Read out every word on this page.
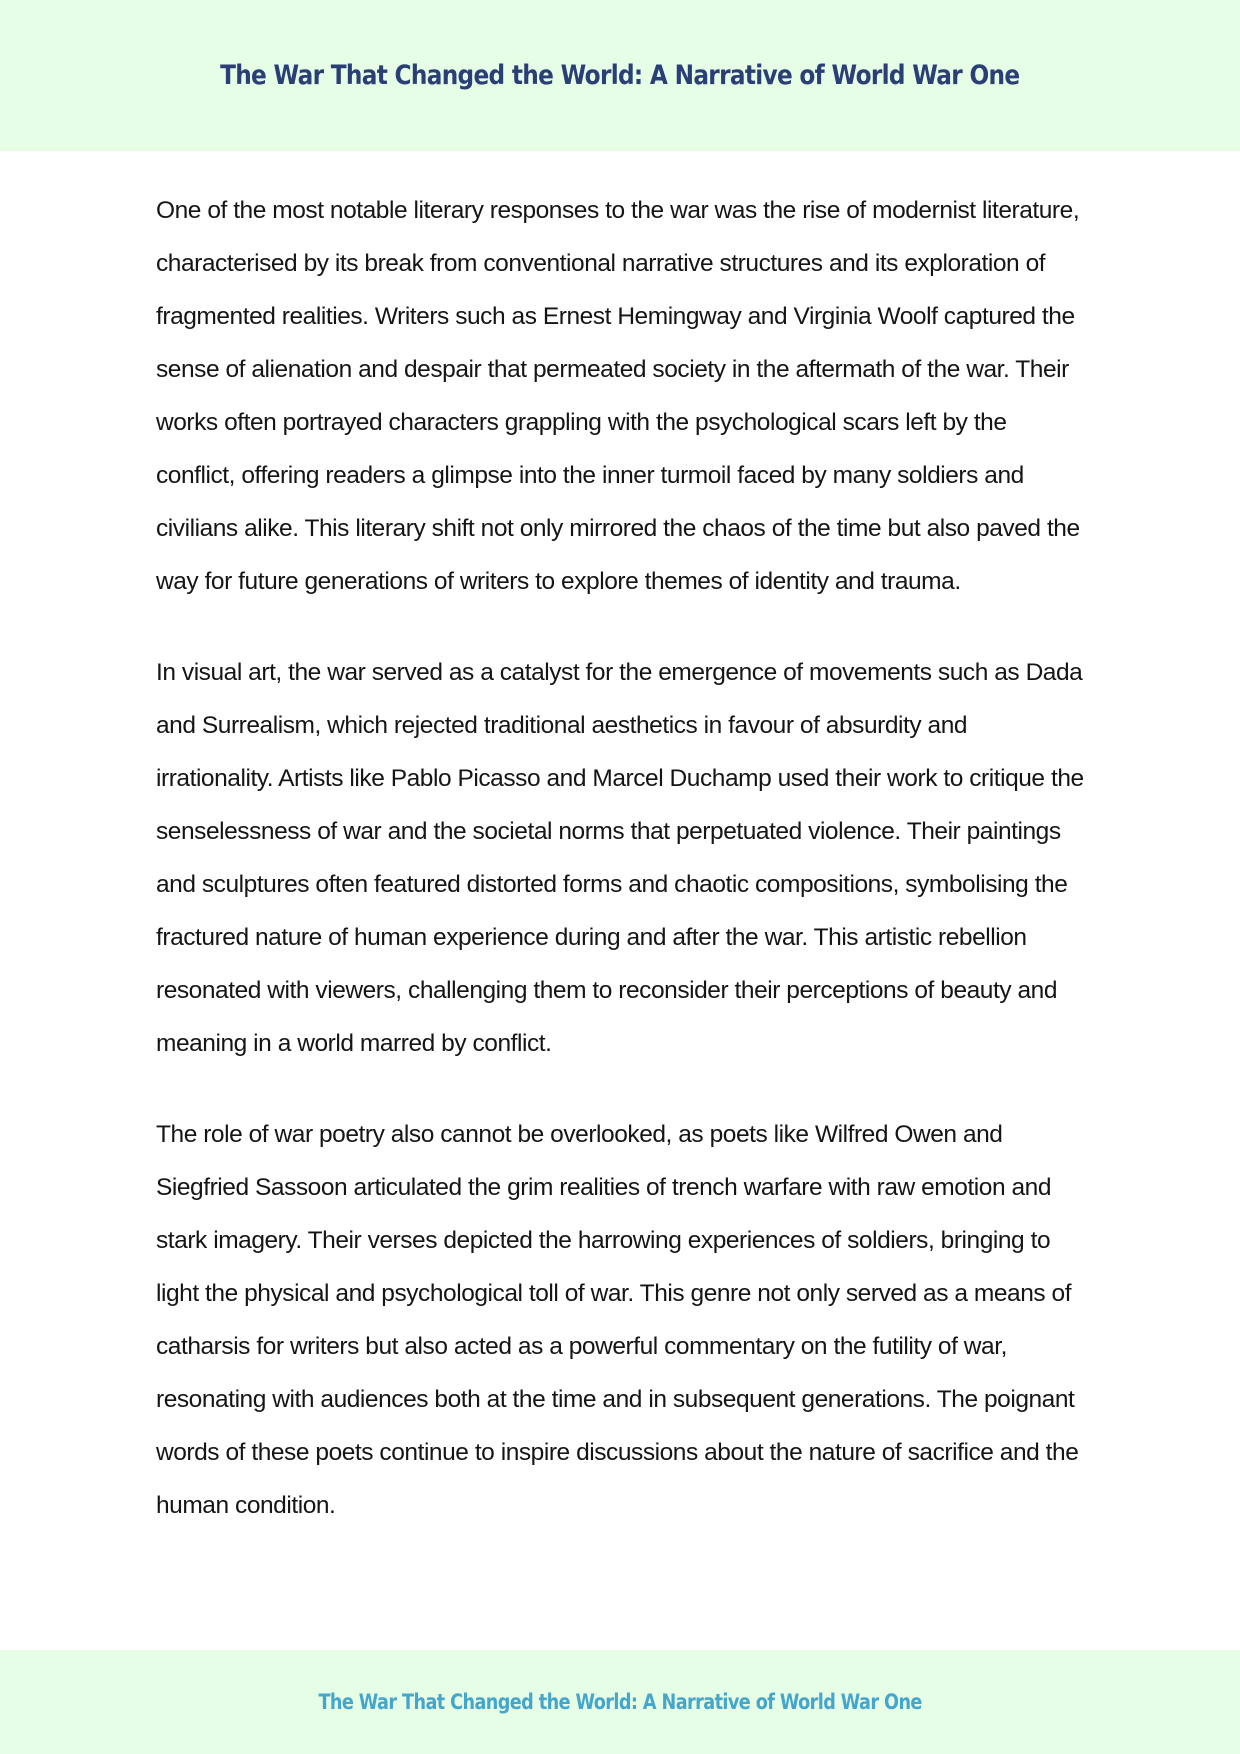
The War That Changed the World: A Narrative of World War One

One of the most notable literary responses to the war was the rise of modernist literature, characterised by its break from conventional narrative structures and its exploration of fragmented realities. Writers such as Ernest Hemingway and Virginia Woolf captured the sense of alienation and despair that permeated society in the aftermath of the war. Their works often portrayed characters grappling with the psychological scars left by the conflict, offering readers a glimpse into the inner turmoil faced by many soldiers and civilians alike. This literary shift not only mirrored the chaos of the time but also paved the way for future generations of writers to explore themes of identity and trauma.

In visual art, the war served as a catalyst for the emergence of movements such as Dada and Surrealism, which rejected traditional aesthetics in favour of absurdity and irrationality. Artists like Pablo Picasso and Marcel Duchamp used their work to critique the senselessness of war and the societal norms that perpetuated violence. Their paintings and sculptures often featured distorted forms and chaotic compositions, symbolising the fractured nature of human experience during and after the war. This artistic rebellion resonated with viewers, challenging them to reconsider their perceptions of beauty and meaning in a world marred by conflict.

The role of war poetry also cannot be overlooked, as poets like Wilfred Owen and Siegfried Sassoon articulated the grim realities of trench warfare with raw emotion and stark imagery. Their verses depicted the harrowing experiences of soldiers, bringing to light the physical and psychological toll of war. This genre not only served as a means of catharsis for writers but also acted as a powerful commentary on the futility of war, resonating with audiences both at the time and in subsequent generations. The poignant words of these poets continue to inspire discussions about the nature of sacrifice and the human condition.

The War That Changed the World: A Narrative of World War One
